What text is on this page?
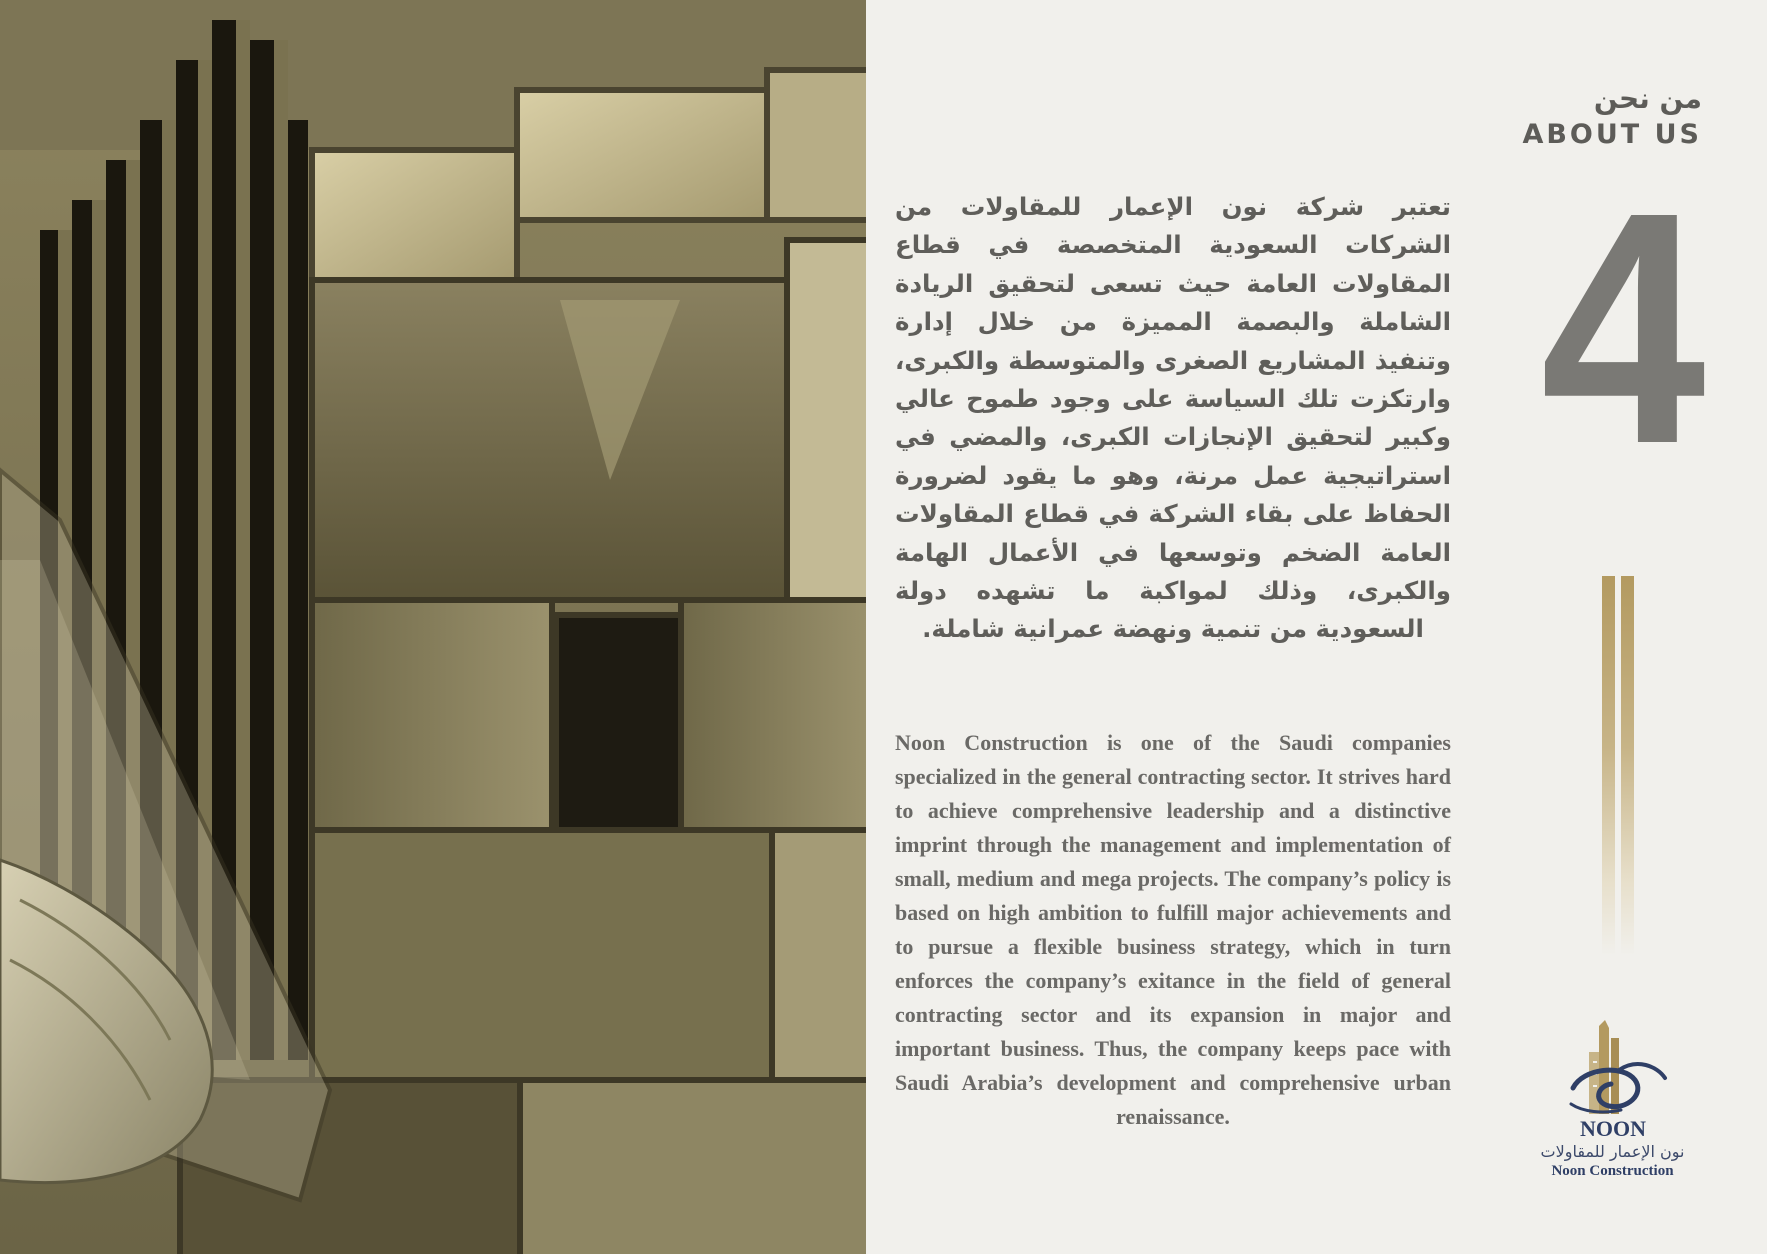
من نحن
ABOUT US
4

تعتبر شركة نون الإعمار للمقاولات من الشركات السعودية المتخصصة في قطاع المقاولات العامة حيث تسعى لتحقيق الريادة الشاملة والبصمة المميزة من خلال إدارة وتنفيذ المشاريع الصغرى والمتوسطة والكبرى، وارتكزت تلك السياسة على وجود طموح عالي وكبير لتحقيق الإنجازات الكبرى، والمضي في استراتيجية عمل مرنة، وهو ما يقود لضرورة الحفاظ على بقاء الشركة في قطاع المقاولات العامة الضخم وتوسعها في الأعمال الهامة والكبرى، وذلك لمواكبة ما تشهده دولة السعودية من تنمية ونهضة عمرانية شاملة.

Noon Construction is one of the Saudi companies specialized in the general contracting sector. It strives hard to achieve comprehensive leadership and a distinctive imprint through the management and implementation of small, medium and mega projects. The company’s policy is based on high ambition to fulfill major achievements and to pursue a flexible business strategy, which in turn enforces the company’s exitance in the field of general contracting sector and its expansion in major and important business. Thus, the company keeps pace with Saudi Arabia’s development and comprehensive urban renaissance.	NOON
نون الإعمار للمقاولات
Noon Construction
